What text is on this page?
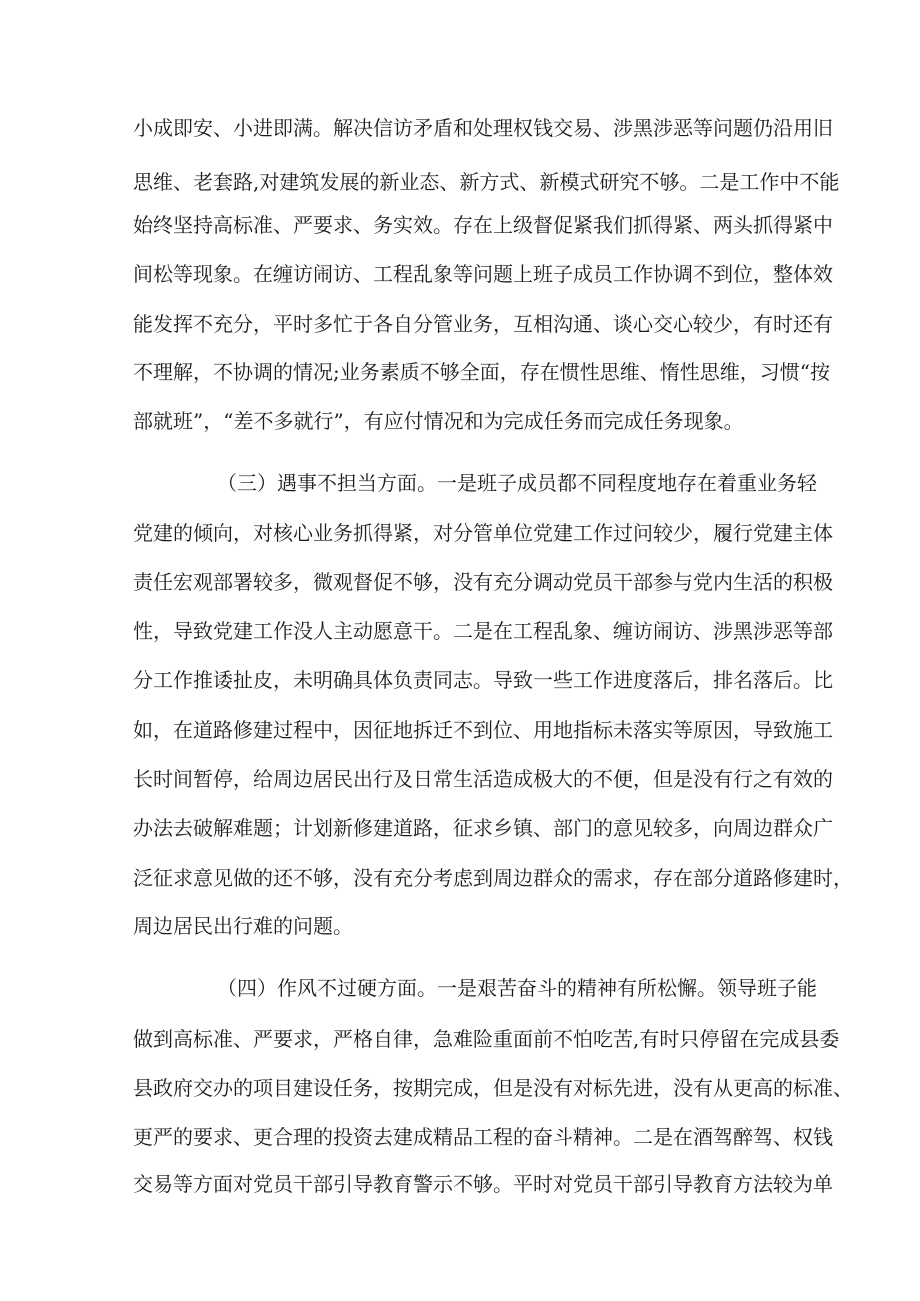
小成即安、小进即满。解决信访矛盾和处理权钱交易、涉黑涉恶等问题仍沿用旧

思维、老套路,对建筑发展的新业态、新方式、新模式研究不够。二是工作中不能

始终坚持高标准、严要求、务实效。存在上级督促紧我们抓得紧、两头抓得紧中

间松等现象。在缠访闹访、工程乱象等问题上班子成员工作协调不到位，整体效

能发挥不充分，平时多忙于各自分管业务，互相沟通、谈心交心较少，有时还有

不理解，不协调的情况;业务素质不够全面，存在惯性思维、惰性思维，习惯“按

部就班”，“差不多就行”，有应付情况和为完成任务而完成任务现象。

（三）遇事不担当方面。一是班子成员都不同程度地存在着重业务轻

党建的倾向，对核心业务抓得紧，对分管单位党建工作过问较少，履行党建主体

责任宏观部署较多，微观督促不够，没有充分调动党员干部参与党内生活的积极

性，导致党建工作没人主动愿意干。二是在工程乱象、缠访闹访、涉黑涉恶等部

分工作推诿扯皮，未明确具体负责同志。导致一些工作进度落后，排名落后。比

如，在道路修建过程中，因征地拆迁不到位、用地指标未落实等原因，导致施工

长时间暂停，给周边居民出行及日常生活造成极大的不便，但是没有行之有效的

办法去破解难题；计划新修建道路，征求乡镇、部门的意见较多，向周边群众广

泛征求意见做的还不够，没有充分考虑到周边群众的需求，存在部分道路修建时，

周边居民出行难的问题。

（四）作风不过硬方面。一是艰苦奋斗的精神有所松懈。领导班子能

做到高标准、严要求，严格自律，急难险重面前不怕吃苦,有时只停留在完成县委

县政府交办的项目建设任务，按期完成，但是没有对标先进，没有从更高的标准、

更严的要求、更合理的投资去建成精品工程的奋斗精神。二是在酒驾醉驾、权钱

交易等方面对党员干部引导教育警示不够。平时对党员干部引导教育方法较为单
